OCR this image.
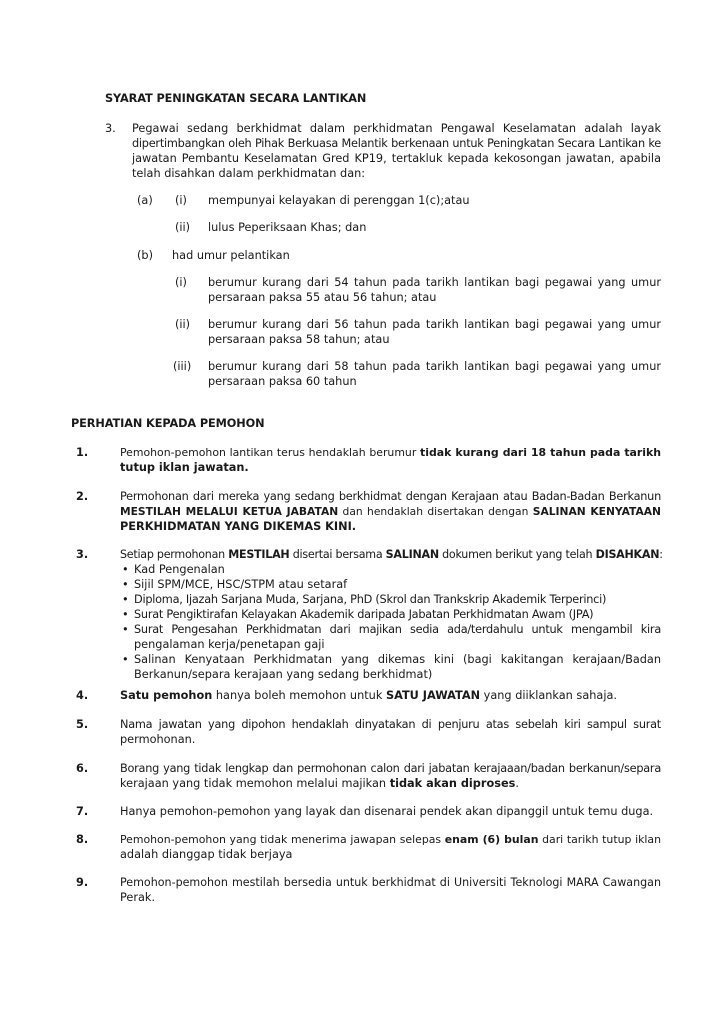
SYARAT PENINGKATAN SECARA LANTIKAN
3. Pegawai sedang berkhidmat dalam perkhidmatan Pengawal Keselamatan adalah layak
dipertimbangkan oleh Pihak Berkuasa Melantik berkenaan untuk Peningkatan Secara Lantikan ke
jawatan Pembantu Keselamatan Gred KP19, tertakluk kepada kekosongan jawatan, apabila
telah disahkan dalam perkhidmatan dan:
(a) (i) mempunyai kelayakan di perenggan 1(c);atau
(ii) lulus Peperiksaan Khas; dan
(b) had umur pelantikan
(i) berumur kurang dari 54 tahun pada tarikh lantikan bagi pegawai yang umur
persaraan paksa 55 atau 56 tahun; atau
(ii) berumur kurang dari 56 tahun pada tarikh lantikan bagi pegawai yang umur
persaraan paksa 58 tahun; atau
(iii) berumur kurang dari 58 tahun pada tarikh lantikan bagi pegawai yang umur
persaraan paksa 60 tahun
PERHATIAN KEPADA PEMOHON
1.	Pemohon-pemohon lantikan terus hendaklah berumur tidak kurang dari 18 tahun pada tarikh
tutup iklan jawatan.
2.	Permohonan dari mereka yang sedang berkhidmat dengan Kerajaan atau Badan-Badan Berkanun
MESTILAH MELALUI KETUA JABATAN dan hendaklah disertakan dengan SALINAN KENYATAAN
PERKHIDMATAN YANG DIKEMAS KINI.
3.	Setiap permohonan MESTILAH disertai bersama SALINAN dokumen berikut yang telah DISAHKAN:
• Kad Pengenalan
• Sijil SPM/MCE, HSC/STPM atau setaraf
• Diploma, Ijazah Sarjana Muda, Sarjana, PhD (Skrol dan Trankskrip Akademik Terperinci)
• Surat Pengiktirafan Kelayakan Akademik daripada Jabatan Perkhidmatan Awam (JPA)
• Surat Pengesahan Perkhidmatan dari majikan sedia ada/terdahulu untuk mengambil kira
pengalaman kerja/penetapan gaji
• Salinan Kenyataan Perkhidmatan yang dikemas kini (bagi kakitangan kerajaan/Badan
Berkanun/separa kerajaan yang sedang berkhidmat)
4.	Satu pemohon hanya boleh memohon untuk SATU JAWATAN yang diiklankan sahaja.
5.	Nama jawatan yang dipohon hendaklah dinyatakan di penjuru atas sebelah kiri sampul surat
permohonan.
6.	Borang yang tidak lengkap dan permohonan calon dari jabatan kerajaaan/badan berkanun/separa
kerajaan yang tidak memohon melalui majikan tidak akan diproses.
7.	Hanya pemohon-pemohon yang layak dan disenarai pendek akan dipanggil untuk temu duga.
8.	Pemohon-pemohon yang tidak menerima jawapan selepas enam (6) bulan dari tarikh tutup iklan
adalah dianggap tidak berjaya
9.	Pemohon-pemohon mestilah bersedia untuk berkhidmat di Universiti Teknologi MARA Cawangan
Perak.
